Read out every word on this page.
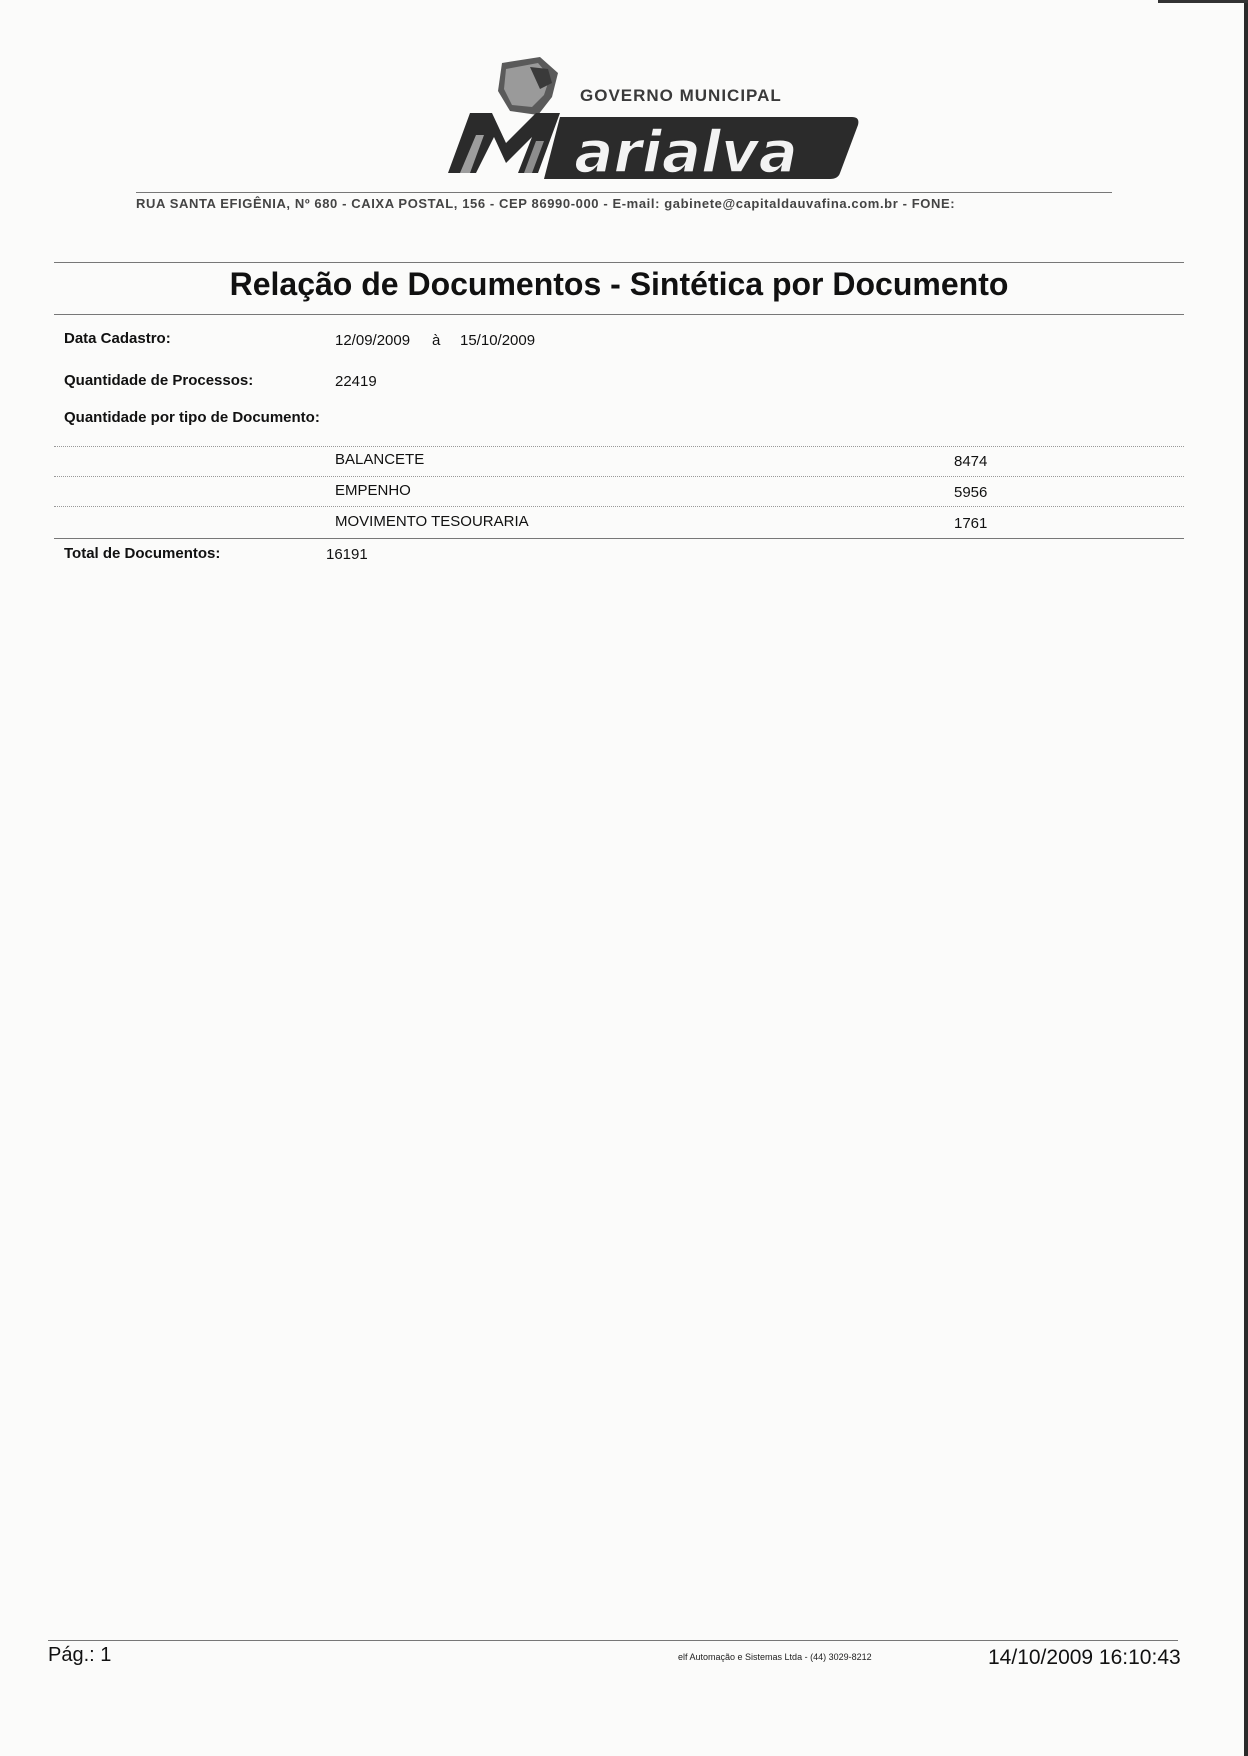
arialva
GOVERNO MUNICIPAL
RUA SANTA EFIGÊNIA, Nº 680 - CAIXA POSTAL, 156 - CEP 86990-000 - E-mail: gabinete@capitaldauvafina.com.br - FONE:
Relação de Documentos - Sintética por Documento
Data Cadastro:	12/09/2009 à 15/10/2009
Quantidade de Processos:	22419
Quantidade por tipo de Documento:
BALANCETE	8474
EMPENHO	5956
MOVIMENTO TESOURARIA	1761
Total de Documentos:	16191
Pág.: 1	elf Automação e Sistemas Ltda - (44) 3029-8212	14/10/2009 16:10:43
